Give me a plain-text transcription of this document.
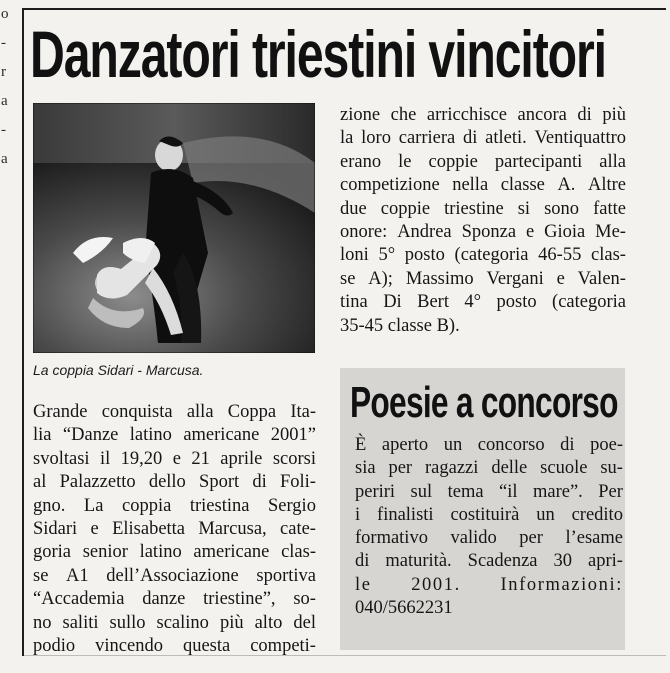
o
-
r
a
-
a
Danzatori triestini vincitori

La coppia Sidari - Marcusa.

Grande conquista alla Coppa Ita-
lia “Danze latino americane 2001”
svoltasi il 19,20 e 21 aprile scorsi
al Palazzetto dello Sport di Foli-
gno. La coppia triestina Sergio
Sidari e Elisabetta Marcusa, cate-
goria senior latino americane clas-
se A1 dell’Associazione sportiva
“Accademia danze triestine”, so-
no saliti sullo scalino più alto del
podio vincendo questa competi-
zione che arricchisce ancora di più
la loro carriera di atleti. Ventiquattro
erano le coppie partecipanti alla
competizione nella classe A. Altre
due coppie triestine si sono fatte
onore: Andrea Sponza e Gioia Me-
loni 5° posto (categoria 46-55 clas-
se A); Massimo Vergani e Valen-
tina Di Bert 4° posto (categoria
35-45 classe B).
Poesie a concorso
È aperto un concorso di poe-
sia per ragazzi delle scuole su-
periri sul tema “il mare”. Per
i finalisti costituirà un credito
formativo valido per l’esame
di maturità. Scadenza 30 apri-
le 2001. Informazioni:
040/5662231
